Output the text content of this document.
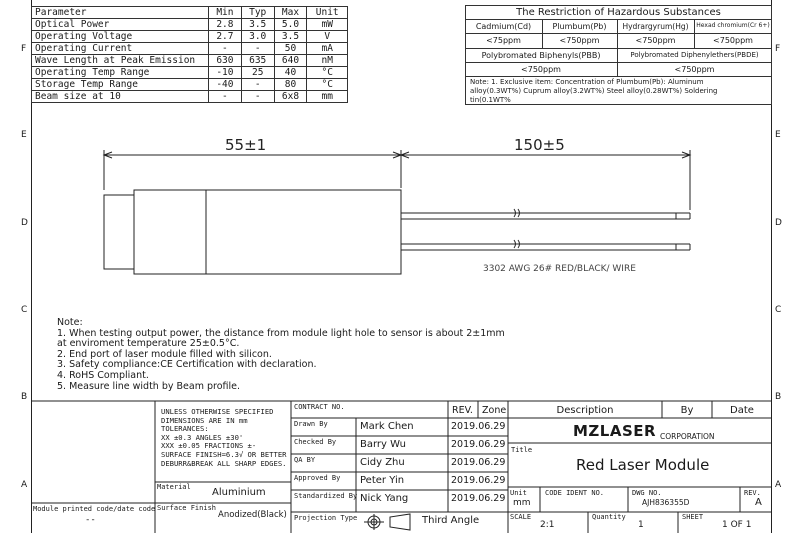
F
E
D
C
B
A
F
E
D
C
B
A
Parameter	Min	Typ	Max	Unit
Optical Power	2.8	3.5	5.0	mW
Operating Voltage	2.7	3.0	3.5	V
Operating Current	-	-	50	mA
Wave Length at Peak Emission	630	635	640	nM
Operating Temp Range	-10	25	40	°C
Storage Temp Range	-40	-	80	°C
Beam size at 10	-	-	6x8	mm
The Restriction of Hazardous Substances
Cadmium(Cd)	Plumbum(Pb)	Hydrargyrum(Hg)	Hexad chromium(Cr 6+)
<75ppm	<750ppm	<750ppm	<750ppm
Polybromated Biphenyls(PBB)	Polybromated Diphenylethers(PBDE)
<750ppm	<750ppm
Note: 1. Exclusive item: Concentration of Plumbum(Pb): Aluminum
alloy(0.3WT%) Cuprum alloy(3.2WT%) Steel alloy(0.28WT%) Soldering
tin(0.1WT%
55±1	150±5
3302 AWG 26# RED/BLACK/ WIRE
Note:
1. When testing output power, the distance from module light hole to sensor is about 2±1mm
at enviroment temperature 25±0.5°C.
2. End port of laser module filled with silicon.
3. Safety compliance:CE Certification with declaration.
4. RoHS Compliant.
5. Measure line width by Beam profile.
UNLESS OTHERWISE SPECIFIED
DIMENSIONS ARE IN mm
TOLERANCES:
XX ±0.3 ANGLES ±30'
XXX ±0.05 FRACTIONS ±-
SURFACE FINISH=6.3√ OR BETTER
DEBURR&BREAK ALL SHARP EDGES.
Material Aluminium
Surface Finish
Anodized(Black)
Module printed code/date code
--
CONTRACT NO.
Drawn By	Mark Chen	2019.06.29
Checked By Barry Wu	2019.06.29
QA BY	Cidy Zhu	2019.06.29
Approved By Peter Yin	2019.06.29
Standardized By Nick Yang	2019.06.29
Projection Type	Third Angle
REV. Zone	Description	By	Date
MZLASER CORPORATION
Title
Red Laser Module
Unit
mm
CODE IDENT NO.	DWG NO.
AJH836355D
REV.
A
SCALE
2:1
Quantity
1
SHEET
1 OF 1
